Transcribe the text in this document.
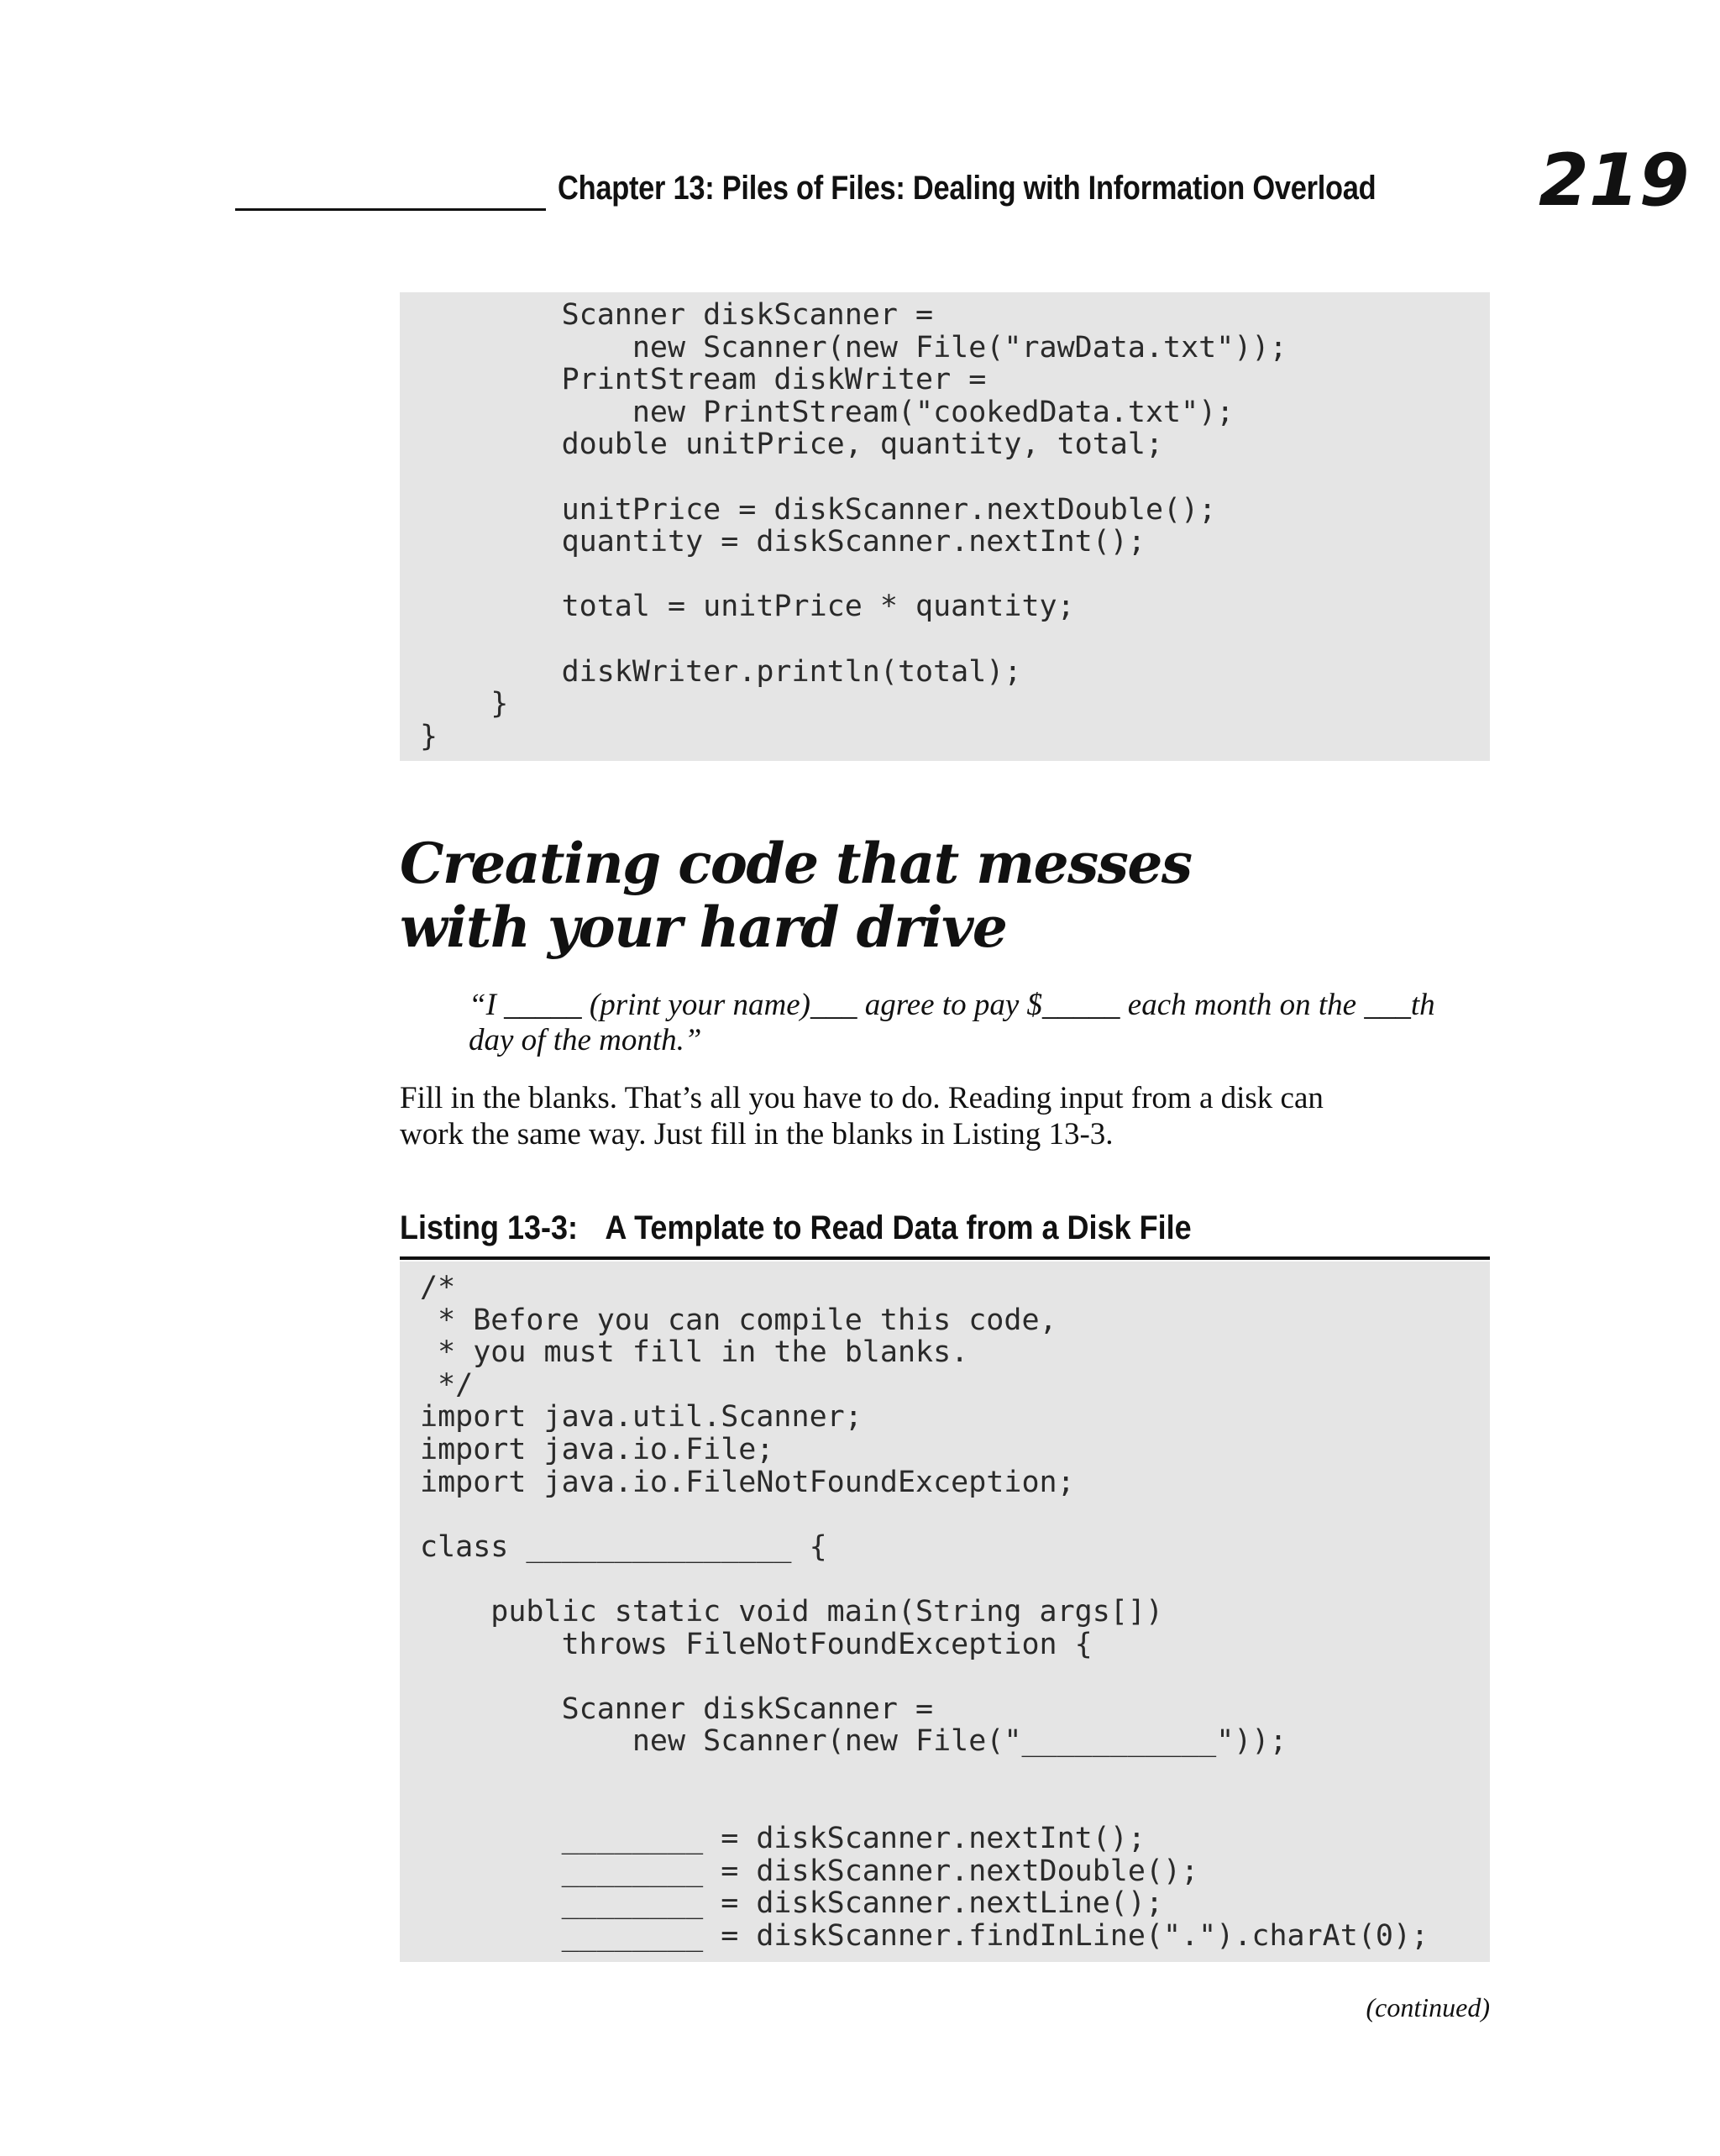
Chapter 13: Piles of Files: Dealing with Information Overload 219
Scanner diskScanner =
new Scanner(new File("rawData.txt"));
PrintStream diskWriter =
new PrintStream("cookedData.txt");
double unitPrice, quantity, total;

unitPrice = diskScanner.nextDouble();
quantity = diskScanner.nextInt();

total = unitPrice * quantity;

diskWriter.println(total);
}
}
Creating code that messes
with your hard drive
“I _____ (print your name)___ agree to pay $_____ each month on the ___th
day of the month.”
Fill in the blanks. That’s all you have to do. Reading input from a disk can
work the same way. Just fill in the blanks in Listing 13-3.
Listing 13-3: A Template to Read Data from a Disk File
/*
* Before you can compile this code,
* you must fill in the blanks.
*/
import java.util.Scanner;
import java.io.File;
import java.io.FileNotFoundException;

class _______________ {

public static void main(String args[])
throws FileNotFoundException {

Scanner diskScanner =
new Scanner(new File("___________"));

________ = diskScanner.nextInt();
________ = diskScanner.nextDouble();
________ = diskScanner.nextLine();
________ = diskScanner.findInLine(".").charAt(0);
(continued)
